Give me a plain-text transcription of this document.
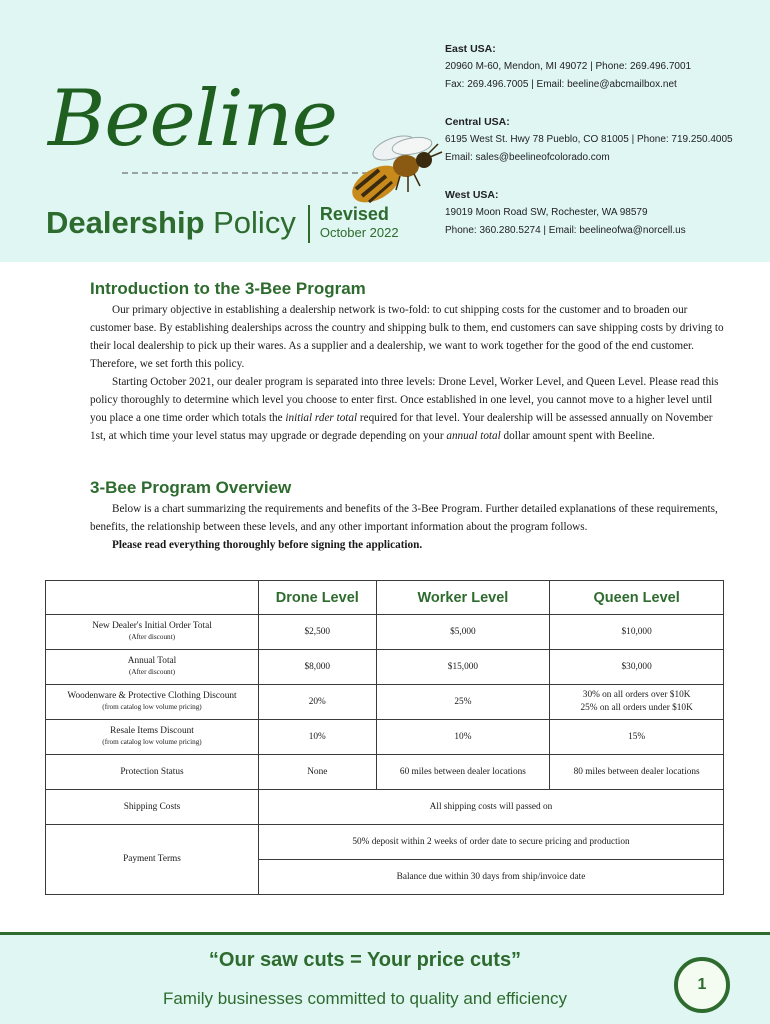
Beeline
Dealership Policy Revised
October 2022
East USA:
20960 M-60, Mendon, MI 49072 | Phone: 269.496.7001
Fax: 269.496.7005 | Email: beeline@abcmailbox.net
Central USA:
6195 West St. Hwy 78 Pueblo, CO 81005 | Phone: 719.250.4005
Email: sales@beelineofcolorado.com
West USA:
19019 Moon Road SW, Rochester, WA 98579
Phone: 360.280.5274 | Email: beelineofwa@norcell.us
Introduction to the 3-Bee Program

Our primary objective in establishing a dealership network is two-fold: to cut shipping costs for the customer and to broaden our customer base. By establishing dealerships across the country and shipping bulk to them, end customers can save shipping costs by driving to their local dealership to pick up their wares. As a supplier and a dealership, we want to work together for the good of the end customer. Therefore, we set forth this policy.

Starting October 2021, our dealer program is separated into three levels: Drone Level, Worker Level, and Queen Level. Please read this policy thoroughly to determine which level you choose to enter first. Once established in one level, you cannot move to a higher level until you place a one time order which totals the initial rder total required for that level. Your dealership will be assessed annually on November 1st, at which time your level status may upgrade or degrade depending on your annual total dollar amount spent with Beeline.

3-Bee Program Overview

Below is a chart summarizing the requirements and benefits of the 3-Bee Program. Further detailed explanations of these requirements, benefits, the relationship between these levels, and any other important information about the program follows.

Please read everything thoroughly before signing the application.

	Drone Level	Worker Level	Queen Level
New Dealer's Initial Order Total
(After discount)	$2,500	$5,000	$10,000
Annual Total
(After discount)	$8,000	$15,000	$30,000
Woodenware & Protective Clothing Discount
(from catalog low volume pricing)	20%	25%	30% on all orders over $10K
25% on all orders under $10K
Resale Items Discount
(from catalog low volume pricing)	10%	10%	15%
Protection Status	None	60 miles between dealer locations	80 miles between dealer locations
Shipping Costs	All shipping costs will passed on		
Payment Terms	50% deposit within 2 weeks of order date to secure pricing and production		
	Balance due within 30 days from ship/invoice date		
“Our saw cuts = Your price cuts”
Family businesses committed to quality and efficiency
1
